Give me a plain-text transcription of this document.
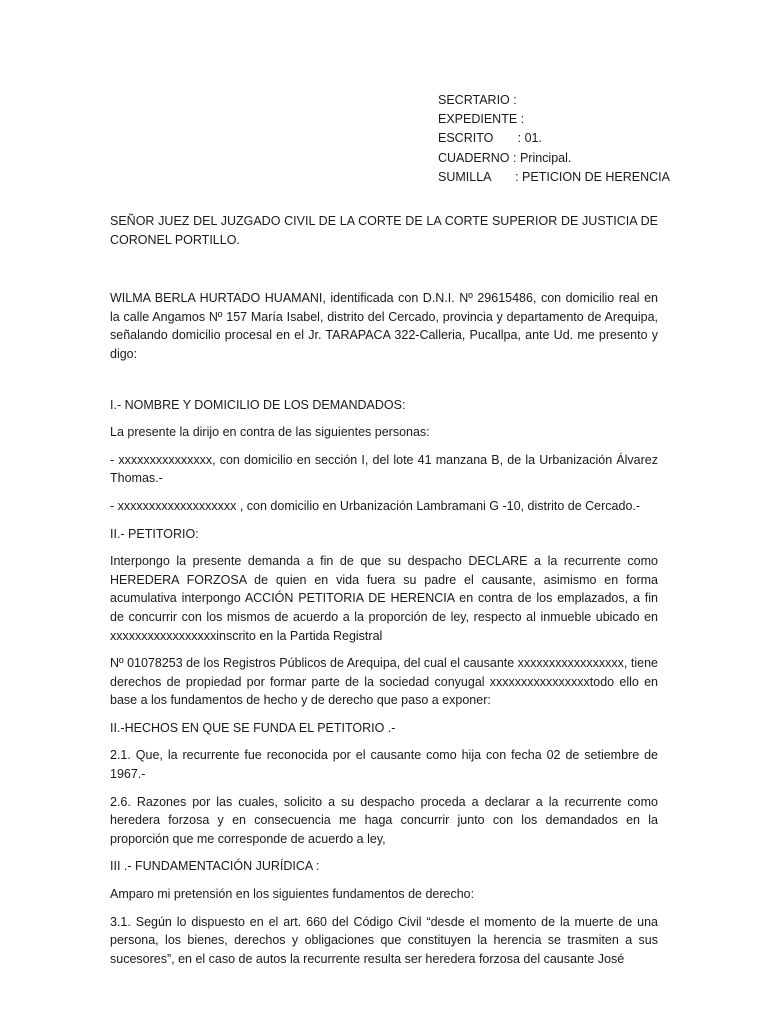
SECRTARIO :
EXPEDIENTE :
ESCRITO       : 01.
CUADERNO : Principal.
SUMILLA       : PETICION DE HERENCIA

SEÑOR JUEZ DEL JUZGADO CIVIL DE LA CORTE DE LA CORTE SUPERIOR DE JUSTICIA DE CORONEL PORTILLO.

WILMA BERLA HURTADO HUAMANI, identificada con D.N.I. Nº 29615486, con domicilio real en la calle Angamos Nº 157 María Isabel, distrito del Cercado, provincia y departamento de Arequipa, señalando domicilio procesal en el Jr. TARAPACA 322-Calleria, Pucallpa, ante Ud. me presento y digo:

I.- NOMBRE Y DOMICILIO DE LOS DEMANDADOS:

La presente la dirijo en contra de las siguientes personas:

- xxxxxxxxxxxxxxx, con domicilio en sección I, del lote 41 manzana B, de la Urbanización Álvarez Thomas.-

- xxxxxxxxxxxxxxxxxxx , con domicilio en Urbanización Lambramani G -10, distrito de Cercado.-

II.- PETITORIO:

Interpongo la presente demanda a fin de que su despacho DECLARE a la recurrente como HEREDERA FORZOSA de quien en vida fuera su padre el causante, asimismo en forma acumulativa interpongo ACCIÓN PETITORIA DE HERENCIA en contra de los emplazados, a fin de concurrir con los mismos de acuerdo a la proporción de ley, respecto al inmueble ubicado en xxxxxxxxxxxxxxxxxinscrito en la Partida Registral

Nº 01078253 de los Registros Públicos de Arequipa, del cual el causante xxxxxxxxxxxxxxxxx, tiene derechos de propiedad por formar parte de la sociedad conyugal xxxxxxxxxxxxxxxxtodo ello en base a los fundamentos de hecho y de derecho que paso a exponer:

II.-HECHOS EN QUE SE FUNDA EL PETITORIO .-

2.1. Que, la recurrente fue reconocida por el causante como hija con fecha 02 de setiembre de 1967.-

2.6. Razones por las cuales, solicito a su despacho proceda a declarar a la recurrente como heredera forzosa y en consecuencia me haga concurrir junto con los demandados en la proporción que me corresponde de acuerdo a ley,

III .- FUNDAMENTACIÓN JURÍDICA :

Amparo mi pretensión en los siguientes fundamentos de derecho:

3.1. Según lo dispuesto en el art. 660 del Código Civil “desde el momento de la muerte de una persona, los bienes, derechos y obligaciones que constituyen la herencia se trasmiten a sus sucesores”, en el caso de autos la recurrente resulta ser heredera forzosa del causante José
